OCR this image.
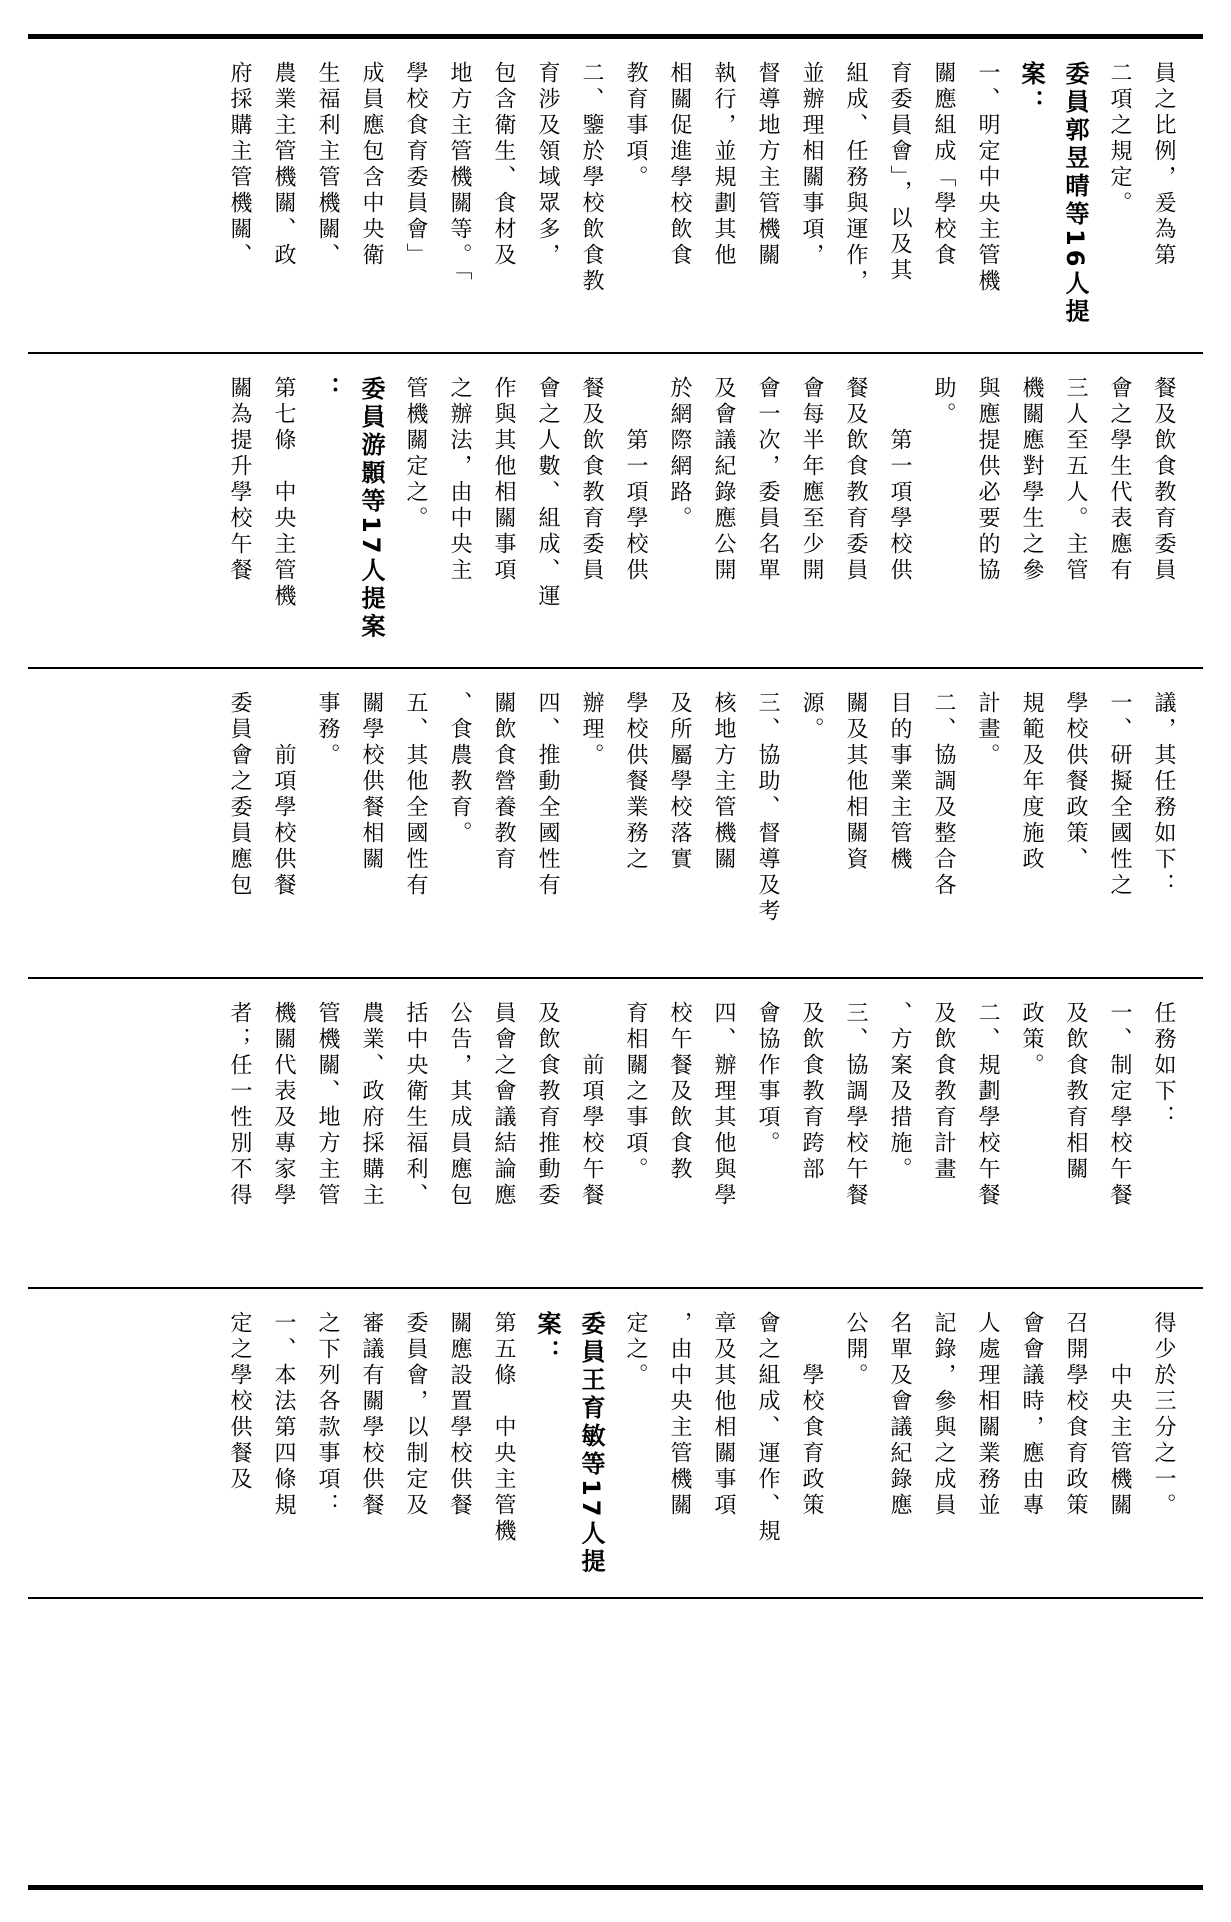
員之比例，爰為第
二項之規定。
委員郭昱晴等16人提
案：
一、明定中央主管機
關應組成「學校食
育委員會」，以及其
組成、任務與運作，
並辦理相關事項，
督導地方主管機關
執行，並規劃其他
相關促進學校飲食
教育事項。
二、鑒於學校飲食教
育涉及領域眾多，
包含衛生、食材及
地方主管機關等。「
學校食育委員會」
成員應包含中央衛
生福利主管機關、
農業主管機關、政
府採購主管機關、
餐及飲食教育委員
會之學生代表應有
三人至五人。主管
機關應對學生之參
與應提供必要的協
助。
　　第一項學校供
餐及飲食教育委員
會每半年應至少開
會一次，委員名單
及會議紀錄應公開
於網際網路。
　　第一項學校供
餐及飲食教育委員
會之人數、組成、運
作與其他相關事項
之辦法，由中央主
管機關定之。
委員游顥等17人提案
：
第七條　中央主管機
關為提升學校午餐
議，其任務如下：
一、研擬全國性之
學校供餐政策、
規範及年度施政
計畫。
二、協調及整合各
目的事業主管機
關及其他相關資
源。
三、協助、督導及考
核地方主管機關
及所屬學校落實
學校供餐業務之
辦理。
四、推動全國性有
關飲食營養教育
、食農教育。
五、其他全國性有
關學校供餐相關
事務。
　　前項學校供餐
委員會之委員應包
任務如下：
一、制定學校午餐
及飲食教育相關
政策。
二、規劃學校午餐
及飲食教育計畫
、方案及措施。
三、協調學校午餐
及飲食教育跨部
會協作事項。
四、辦理其他與學
校午餐及飲食教
育相關之事項。
　　前項學校午餐
及飲食教育推動委
員會之會議結論應
公告，其成員應包
括中央衛生福利、
農業、政府採購主
管機關、地方主管
機關代表及專家學
者；任一性別不得
得少於三分之一。
　　中央主管機關
召開學校食育政策
會會議時，應由專
人處理相關業務並
記錄，參與之成員
名單及會議紀錄應
公開。
　　學校食育政策
會之組成、運作、規
章及其他相關事項
，由中央主管機關
定之。
委員王育敏等17人提
案：
第五條　中央主管機
關應設置學校供餐
委員會，以制定及
審議有關學校供餐
之下列各款事項：
一、本法第四條規
定之學校供餐及
